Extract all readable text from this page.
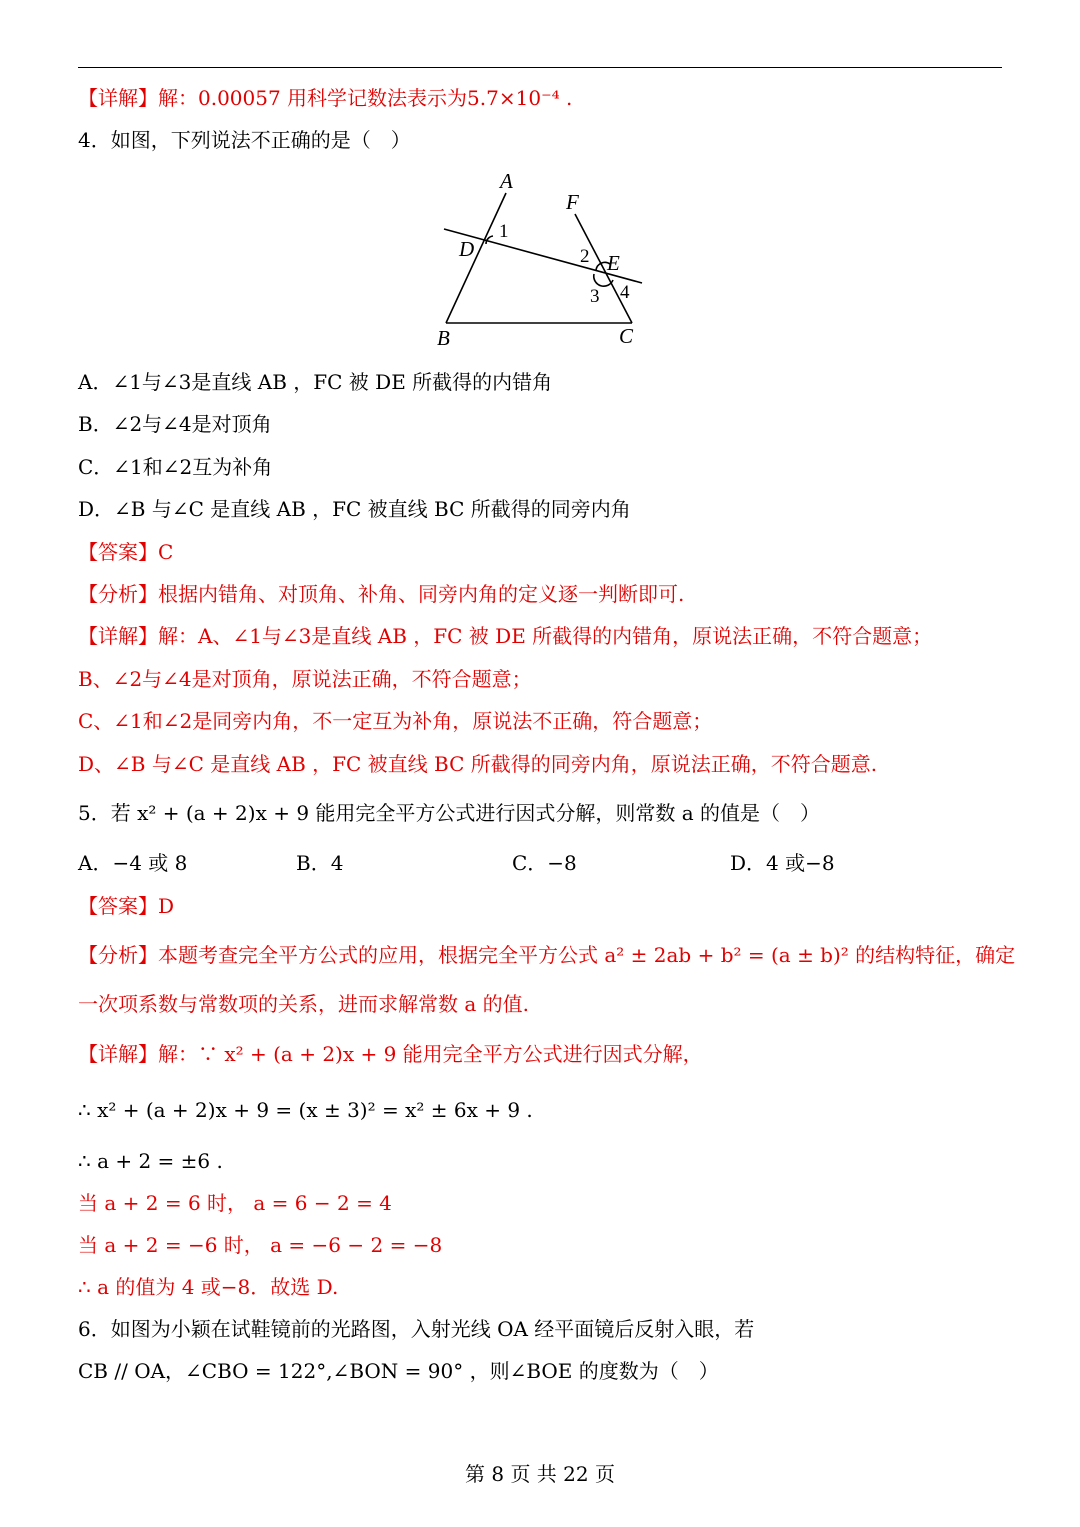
【详解】解：0.00057 用科学记数法表示为5.7×10⁻⁴ .
4．如图，下列说法不正确的是（　）
A
F
D
E
B	C
1
2
3 4
A．∠1与∠3是直线 AB ，FC 被 DE 所截得的内错角
B．∠2与∠4是对顶角
C．∠1和∠2互为补角
D．∠B 与∠C 是直线 AB ，FC 被直线 BC 所截得的同旁内角
【答案】C
【分析】根据内错角、对顶角、补角、同旁内角的定义逐一判断即可.
【详解】解：A、∠1与∠3是直线 AB ，FC 被 DE 所截得的内错角，原说法正确，不符合题意；
B、∠2与∠4是对顶角，原说法正确，不符合题意；
C、∠1和∠2是同旁内角，不一定互为补角，原说法不正确，符合题意；
D、∠B 与∠C 是直线 AB ，FC 被直线 BC 所截得的同旁内角，原说法正确，不符合题意.
5．若 x² + (a + 2)x + 9 能用完全平方公式进行因式分解，则常数 a 的值是（　）
A．−4 或 8	B．4	C．−8	D．4 或−8
【答案】D
【分析】本题考查完全平方公式的应用，根据完全平方公式 a² ± 2ab + b² = (a ± b)² 的结构特征，确定
一次项系数与常数项的关系，进而求解常数 a 的值.
【详解】解：∵ x² + (a + 2)x + 9 能用完全平方公式进行因式分解，
∴ x² + (a + 2)x + 9 = (x ± 3)² = x² ± 6x + 9 .
∴ a + 2 = ±6 .
当 a + 2 = 6 时， a = 6 − 2 = 4
当 a + 2 = −6 时， a = −6 − 2 = −8
∴ a 的值为 4 或−8．故选 D.
6．如图为小颖在试鞋镜前的光路图，入射光线 OA 经平面镜后反射入眼，若
CB // OA，∠CBO = 122°,∠BON = 90° ，则∠BOE 的度数为（　）
第 8 页 共 22 页
